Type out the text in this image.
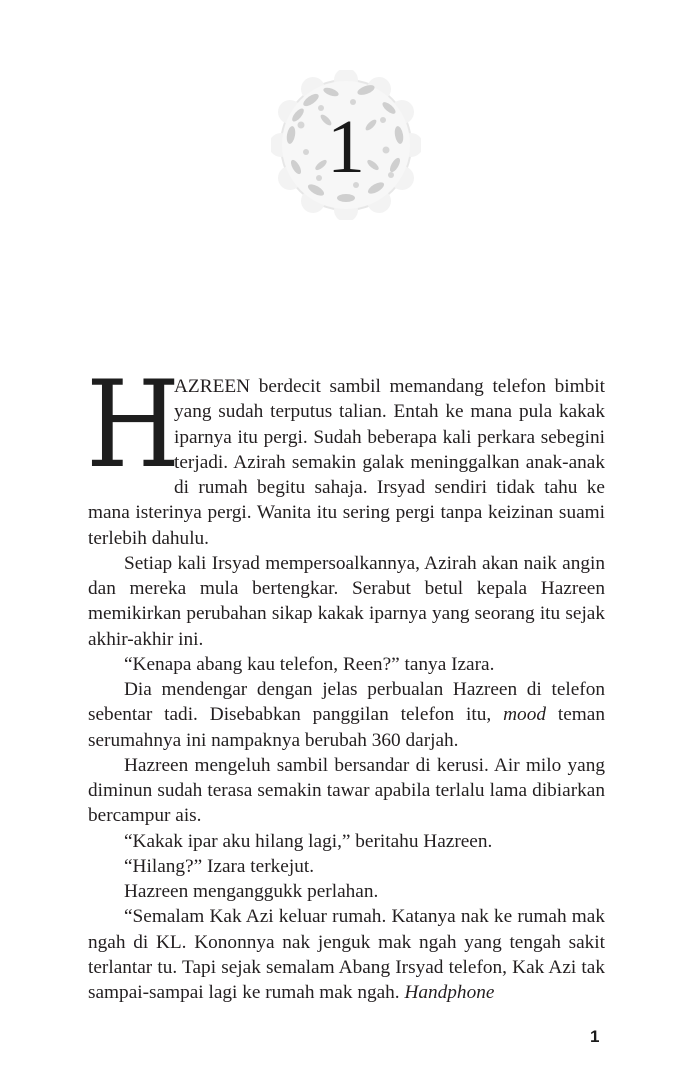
1

H
AZREEN berdecit sambil memandang telefon bimbit yang sudah terputus talian. Entah ke mana pula kakak iparnya itu pergi. Sudah beberapa kali perkara sebegini terjadi. Azirah semakin galak meninggalkan anak-anak di rumah begitu sahaja. Irsyad sendiri tidak tahu ke mana isterinya pergi. Wanita itu sering pergi tanpa keizinan suami terlebih dahulu.

Setiap kali Irsyad mempersoalkannya, Azirah akan naik angin dan mereka mula bertengkar. Serabut betul kepala Hazreen memikirkan perubahan sikap kakak iparnya yang seorang itu sejak akhir-akhir ini.

“Kenapa abang kau telefon, Reen?” tanya Izara.

Dia mendengar dengan jelas perbualan Hazreen di telefon sebentar tadi. Disebabkan panggilan telefon itu, mood teman serumahnya ini nampaknya berubah 360 darjah.

Hazreen mengeluh sambil bersandar di kerusi. Air milo yang diminun sudah terasa semakin tawar apabila terlalu lama dibiarkan bercampur ais.

“Kakak ipar aku hilang lagi,” beritahu Hazreen.

“Hilang?” Izara terkejut.

Hazreen menganggukk perlahan.

“Semalam Kak Azi keluar rumah. Katanya nak ke rumah mak ngah di KL. Kononnya nak jenguk mak ngah yang tengah sakit terlantar tu. Tapi sejak semalam Abang Irsyad telefon, Kak Azi tak sampai-sampai lagi ke rumah mak ngah. Handphone

1
